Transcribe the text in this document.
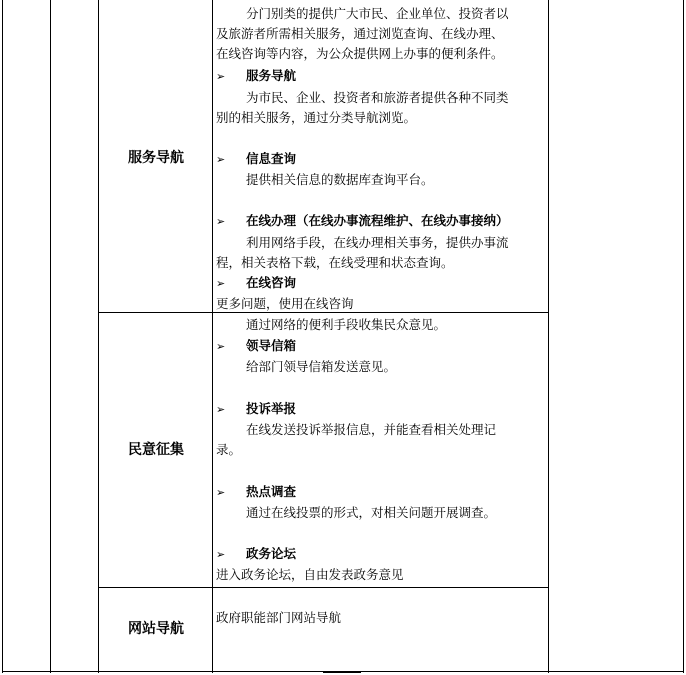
服务导航
分门别类的提供广大市民、企业单位、投资者以
及旅游者所需相关服务，通过浏览查询、在线办理、
在线咨询等内容，为公众提供网上办事的便利条件。
➢ 服务导航
为市民、企业、投资者和旅游者提供各种不同类
别的相关服务，通过分类导航浏览。
➢ 信息查询
提供相关信息的数据库查询平台。
➢ 在线办理（在线办事流程维护、在线办事接纳）
利用网络手段，在线办理相关事务，提供办事流
程，相关表格下载，在线受理和状态查询。
➢ 在线咨询
更多问题，使用在线咨询
民意征集
通过网络的便利手段收集民众意见。
➢ 领导信箱
给部门领导信箱发送意见。
➢ 投诉举报
在线发送投诉举报信息，并能查看相关处理记
录。
➢ 热点调查
通过在线投票的形式，对相关问题开展调查。
➢ 政务论坛
进入政务论坛，自由发表政务意见
网站导航
政府职能部门网站导航
